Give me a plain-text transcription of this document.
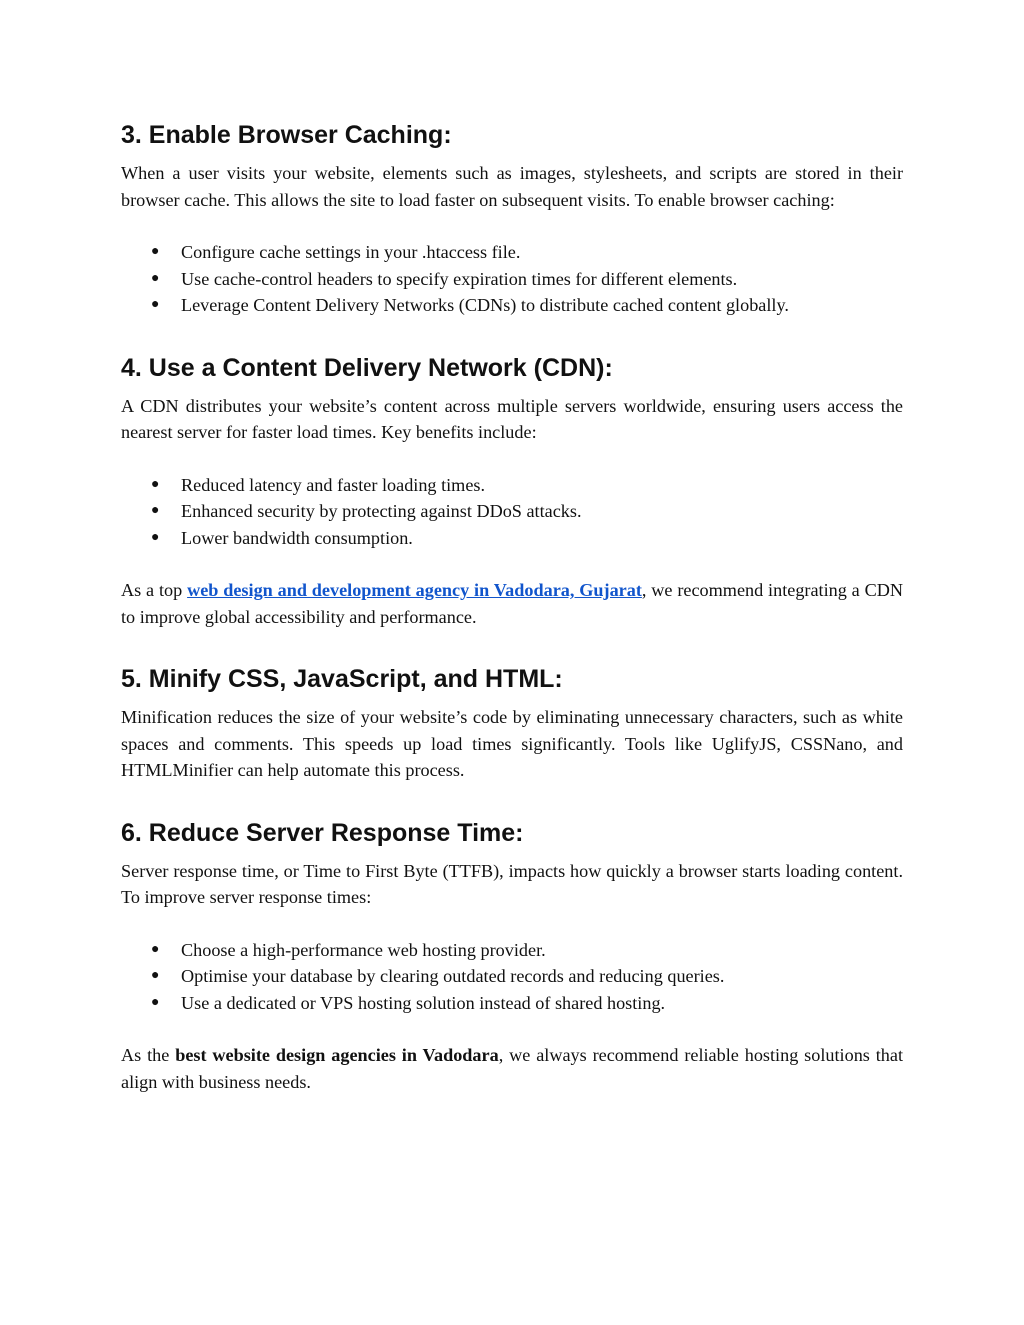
3. Enable Browser Caching:

When a user visits your website, elements such as images, stylesheets, and scripts are stored in their browser cache. This allows the site to load faster on subsequent visits. To enable browser caching:

● Configure cache settings in your .htaccess file.
● Use cache-control headers to specify expiration times for different elements.
● Leverage Content Delivery Networks (CDNs) to distribute cached content globally.
4. Use a Content Delivery Network (CDN):

A CDN distributes your website’s content across multiple servers worldwide, ensuring users access the nearest server for faster load times. Key benefits include:

● Reduced latency and faster loading times.
● Enhanced security by protecting against DDoS attacks.
● Lower bandwidth consumption.

As a top web design and development agency in Vadodara, Gujarat, we recommend integrating a CDN to improve global accessibility and performance.

5. Minify CSS, JavaScript, and HTML:

Minification reduces the size of your website’s code by eliminating unnecessary characters, such as white spaces and comments. This speeds up load times significantly. Tools like UglifyJS, CSSNano, and HTMLMinifier can help automate this process.

6. Reduce Server Response Time:

Server response time, or Time to First Byte (TTFB), impacts how quickly a browser starts loading content. To improve server response times:

● Choose a high-performance web hosting provider.
● Optimise your database by clearing outdated records and reducing queries.
● Use a dedicated or VPS hosting solution instead of shared hosting.

As the best website design agencies in Vadodara, we always recommend reliable hosting solutions that align with business needs.
